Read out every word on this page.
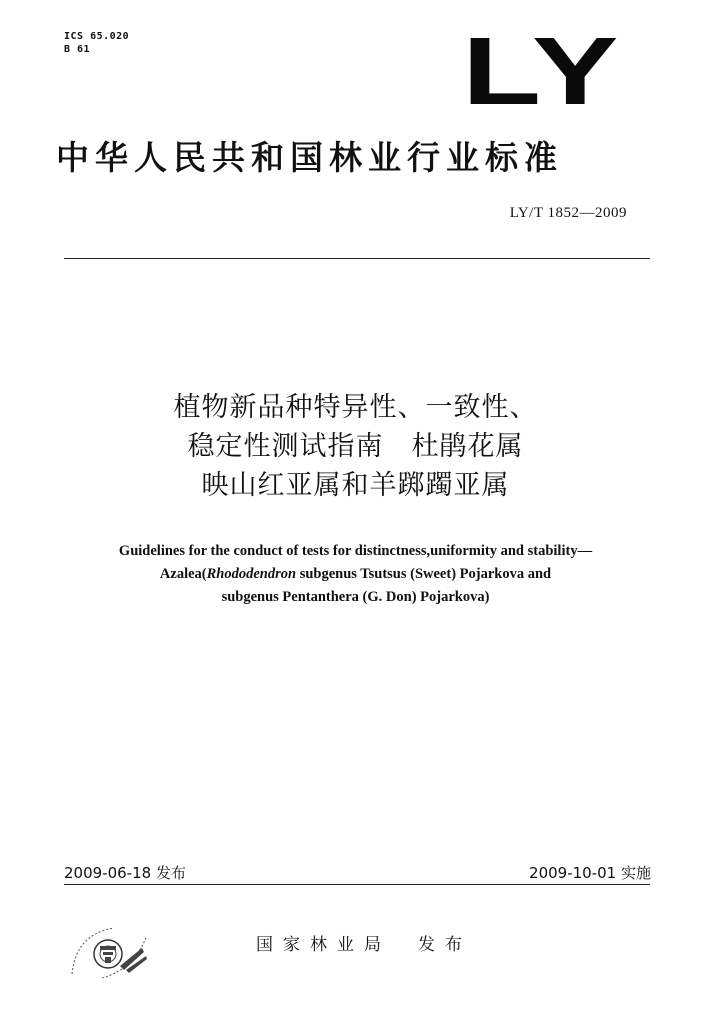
ICS 65.020
B 61	LY
中华人民共和国林业行业标准
LY/T 1852—2009
植物新品种特异性、一致性、
稳定性测试指南　杜鹃花属
映山红亚属和羊踯躅亚属
Guidelines for the conduct of tests for distinctness,uniformity and stability—
Azalea(Rhododendron subgenus Tsutsus (Sweet) Pojarkova and
subgenus Pentanthera (G. Don) Pojarkova)
2009-06-18 发布	2009-10-01 实施
国家林业局　发布
